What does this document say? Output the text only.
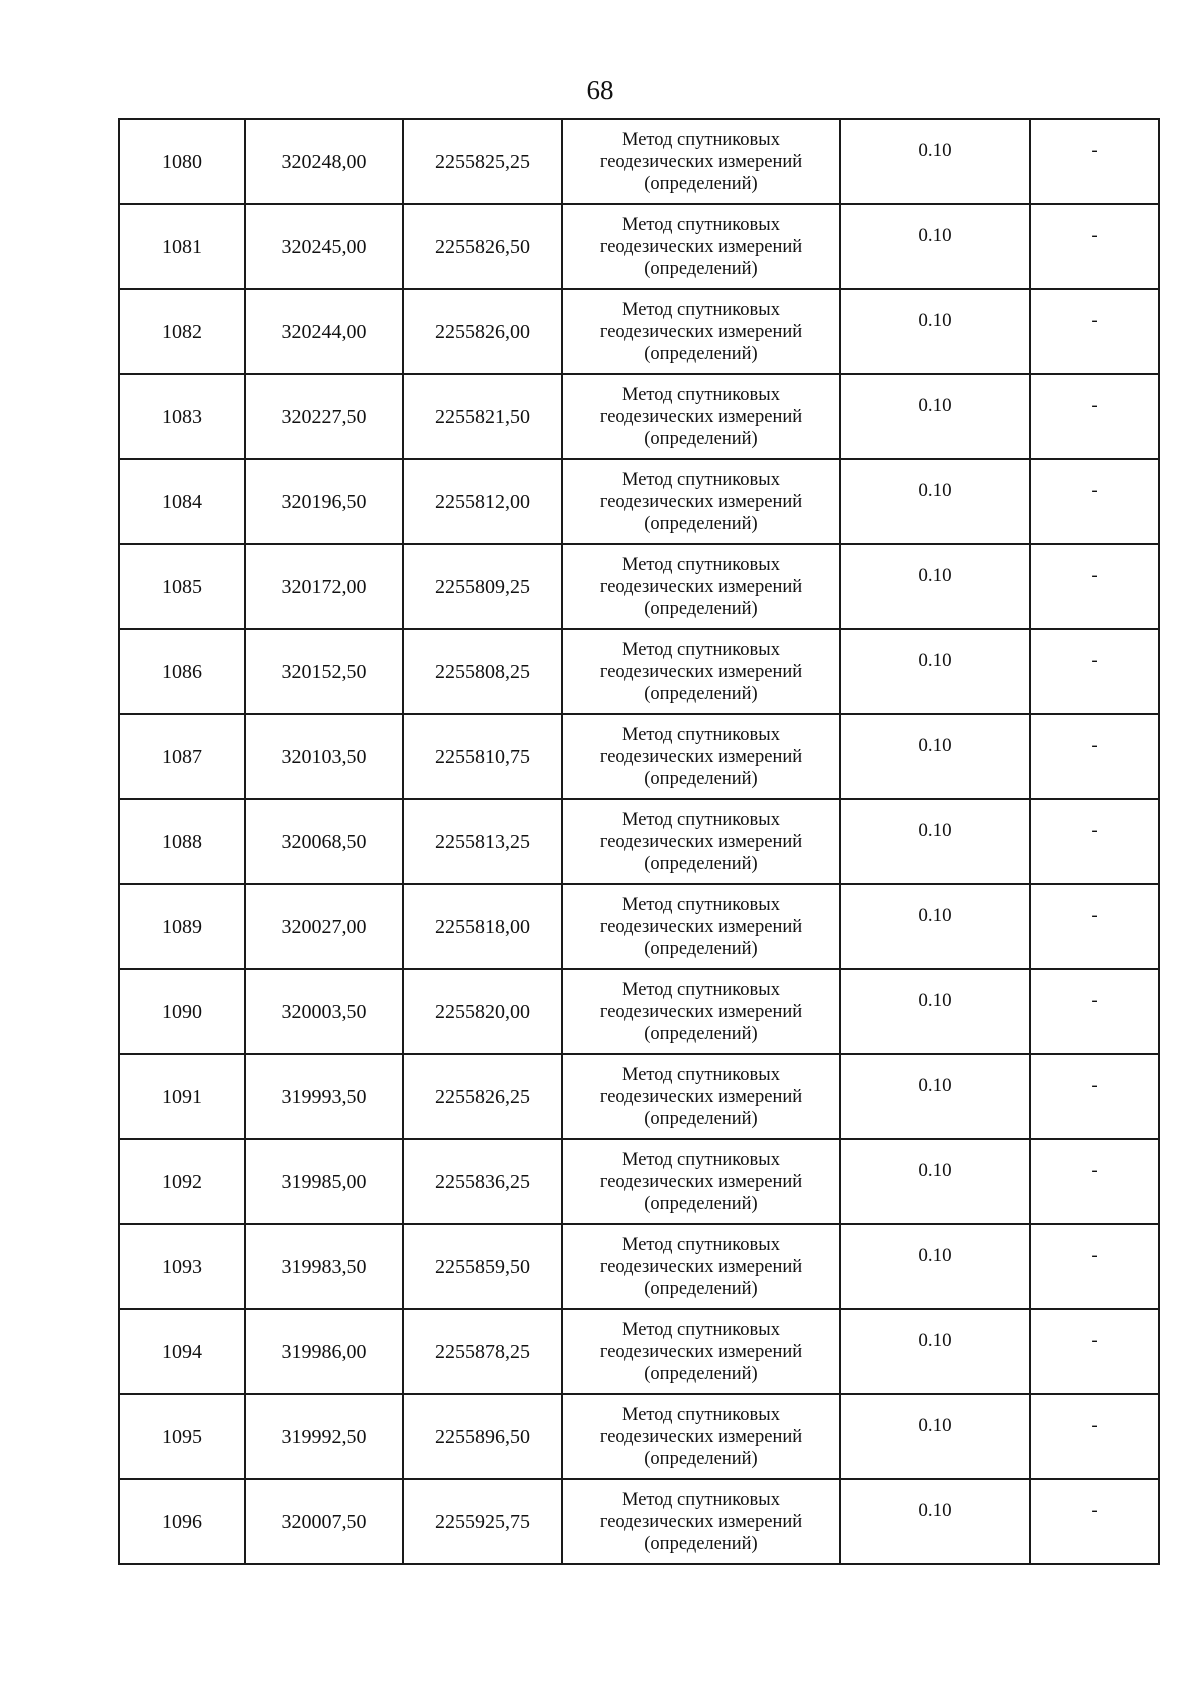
68
1080	320248,00	2255825,25	Метод спутниковых геодезических измерений (определений)	0.10	-
1081	320245,00	2255826,50	Метод спутниковых геодезических измерений (определений)	0.10	-
1082	320244,00	2255826,00	Метод спутниковых геодезических измерений (определений)	0.10	-
1083	320227,50	2255821,50	Метод спутниковых геодезических измерений (определений)	0.10	-
1084	320196,50	2255812,00	Метод спутниковых геодезических измерений (определений)	0.10	-
1085	320172,00	2255809,25	Метод спутниковых геодезических измерений (определений)	0.10	-
1086	320152,50	2255808,25	Метод спутниковых геодезических измерений (определений)	0.10	-
1087	320103,50	2255810,75	Метод спутниковых геодезических измерений (определений)	0.10	-
1088	320068,50	2255813,25	Метод спутниковых геодезических измерений (определений)	0.10	-
1089	320027,00	2255818,00	Метод спутниковых геодезических измерений (определений)	0.10	-
1090	320003,50	2255820,00	Метод спутниковых геодезических измерений (определений)	0.10	-
1091	319993,50	2255826,25	Метод спутниковых геодезических измерений (определений)	0.10	-
1092	319985,00	2255836,25	Метод спутниковых геодезических измерений (определений)	0.10	-
1093	319983,50	2255859,50	Метод спутниковых геодезических измерений (определений)	0.10	-
1094	319986,00	2255878,25	Метод спутниковых геодезических измерений (определений)	0.10	-
1095	319992,50	2255896,50	Метод спутниковых геодезических измерений (определений)	0.10	-
1096	320007,50	2255925,75	Метод спутниковых геодезических измерений (определений)	0.10	-
